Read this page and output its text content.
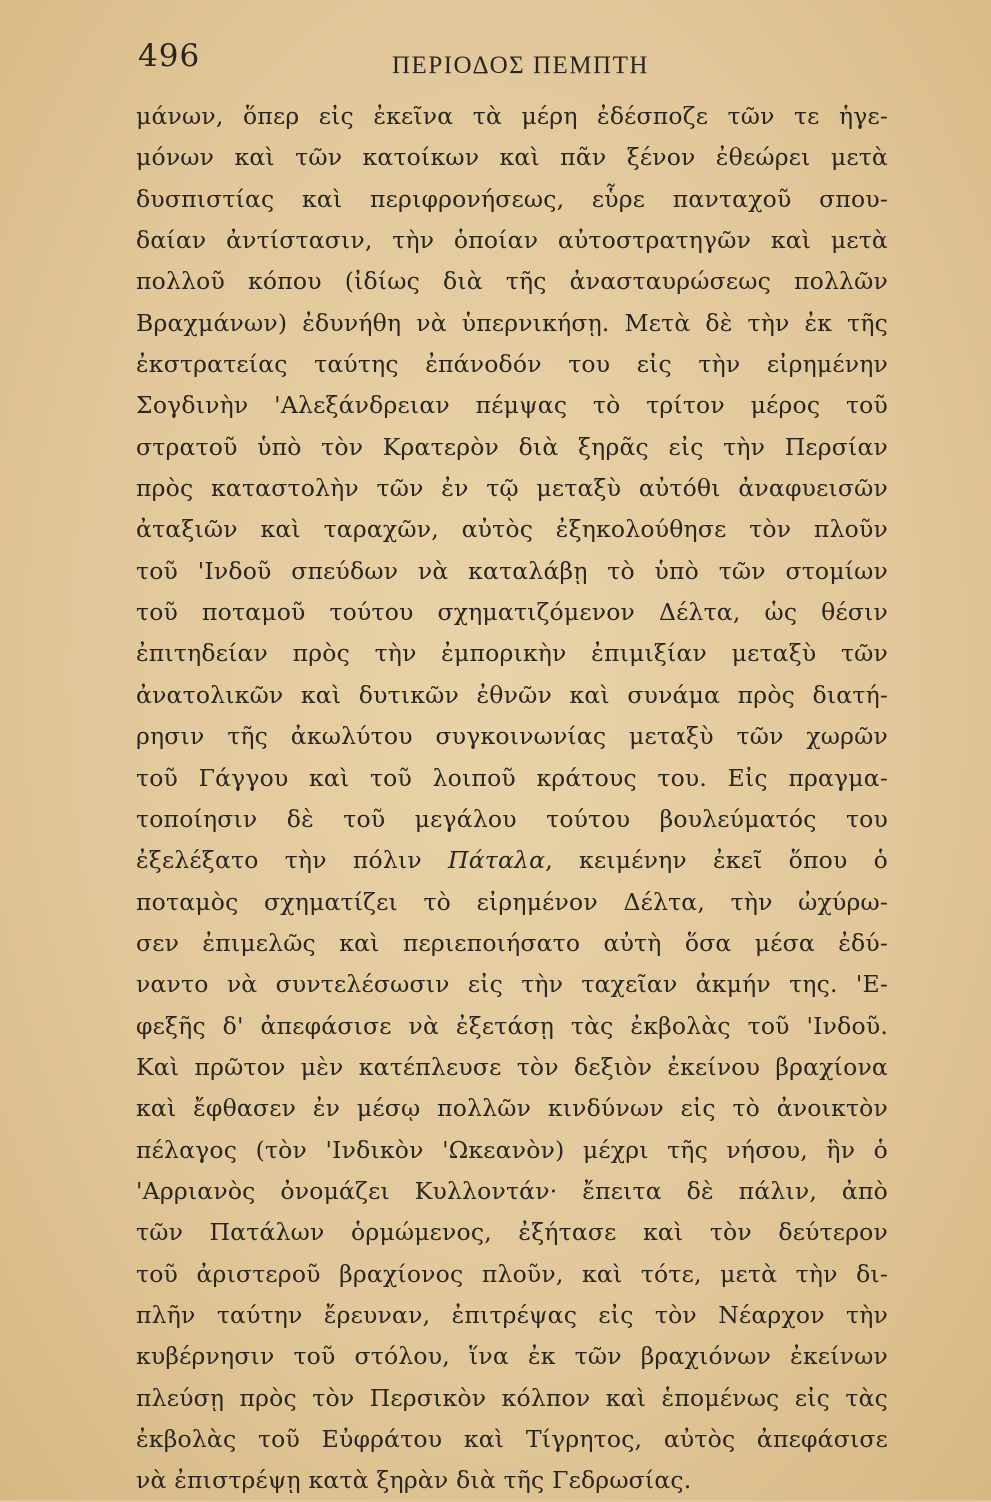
496	ΠΕΡΙΟΔΟΣ ΠΕΜΠΤΗ
μάνων, ὅπερ εἰς ἐκεῖνα τὰ μέρη ἐδέσποζε τῶν τε ἡγε-
μόνων καὶ τῶν κατοίκων καὶ πᾶν ξένον ἐθεώρει μετὰ
δυσπιστίας καὶ περιφρονήσεως, εὗρε πανταχοῦ σπου-
δαίαν ἀντίστασιν, τὴν ὁποίαν αὐτοστρατηγῶν καὶ μετὰ
πολλοῦ κόπου (ἰδίως διὰ τῆς ἀνασταυρώσεως πολλῶν
Βραχμάνων) ἐδυνήθη νὰ ὑπερνικήσῃ. Μετὰ δὲ τὴν ἐκ τῆς
ἐκστρατείας ταύτης ἐπάνοδόν του εἰς τὴν εἰρημένην
Σογδινὴν 'Αλεξάνδρειαν πέμψας τὸ τρίτον μέρος τοῦ
στρατοῦ ὑπὸ τὸν Κρατερὸν διὰ ξηρᾶς εἰς τὴν Περσίαν
πρὸς καταστολὴν τῶν ἐν τῷ μεταξὺ αὐτόθι ἀναφυεισῶν
ἀταξιῶν καὶ ταραχῶν, αὐτὸς ἐξηκολούθησε τὸν πλοῦν
τοῦ 'Ινδοῦ σπεύδων νὰ καταλάβῃ τὸ ὑπὸ τῶν στομίων
τοῦ ποταμοῦ τούτου σχηματιζόμενον Δέλτα, ὡς θέσιν
ἐπιτηδείαν πρὸς τὴν ἐμπορικὴν ἐπιμιξίαν μεταξὺ τῶν
ἀνατολικῶν καὶ δυτικῶν ἐθνῶν καὶ συνάμα πρὸς διατή-
ρησιν τῆς ἀκωλύτου συγκοινωνίας μεταξὺ τῶν χωρῶν
τοῦ Γάγγου καὶ τοῦ λοιποῦ κράτους του. Εἰς πραγμα-
τοποίησιν δὲ τοῦ μεγάλου τούτου βουλεύματός του
ἐξελέξατο τὴν πόλιν Πάταλα, κειμένην ἐκεῖ ὅπου ὁ
ποταμὸς σχηματίζει τὸ εἰρημένον Δέλτα, τὴν ὠχύρω-
σεν ἐπιμελῶς καὶ περιεποιήσατο αὐτὴ ὅσα μέσα ἐδύ-
ναντο νὰ συντελέσωσιν εἰς τὴν ταχεῖαν ἀκμήν της. 'Ε-
φεξῆς δ' ἀπεφάσισε νὰ ἐξετάσῃ τὰς ἐκβολὰς τοῦ 'Ινδοῦ.
Καὶ πρῶτον μὲν κατέπλευσε τὸν δεξιὸν ἐκείνου βραχίονα
καὶ ἔφθασεν ἐν μέσῳ πολλῶν κινδύνων εἰς τὸ ἀνοικτὸν
πέλαγος (τὸν 'Ινδικὸν 'Ωκεανὸν) μέχρι τῆς νήσου, ἣν ὁ
'Αρριανὸς ὀνομάζει Κυλλοντάν· ἔπειτα δὲ πάλιν, ἀπὸ
τῶν Πατάλων ὁρμώμενος, ἐξήτασε καὶ τὸν δεύτερον
τοῦ ἀριστεροῦ βραχίονος πλοῦν, καὶ τότε, μετὰ τὴν δι-
πλῆν ταύτην ἔρευναν, ἐπιτρέψας εἰς τὸν Νέαρχον τὴν
κυβέρνησιν τοῦ στόλου, ἵνα ἐκ τῶν βραχιόνων ἐκείνων
πλεύσῃ πρὸς τὸν Περσικὸν κόλπον καὶ ἑπομένως εἰς τὰς
ἐκβολὰς τοῦ Εὐφράτου καὶ Τίγρητος, αὐτὸς ἀπεφάσισε
νὰ ἐπιστρέψῃ κατὰ ξηρὰν διὰ τῆς Γεδρωσίας.
